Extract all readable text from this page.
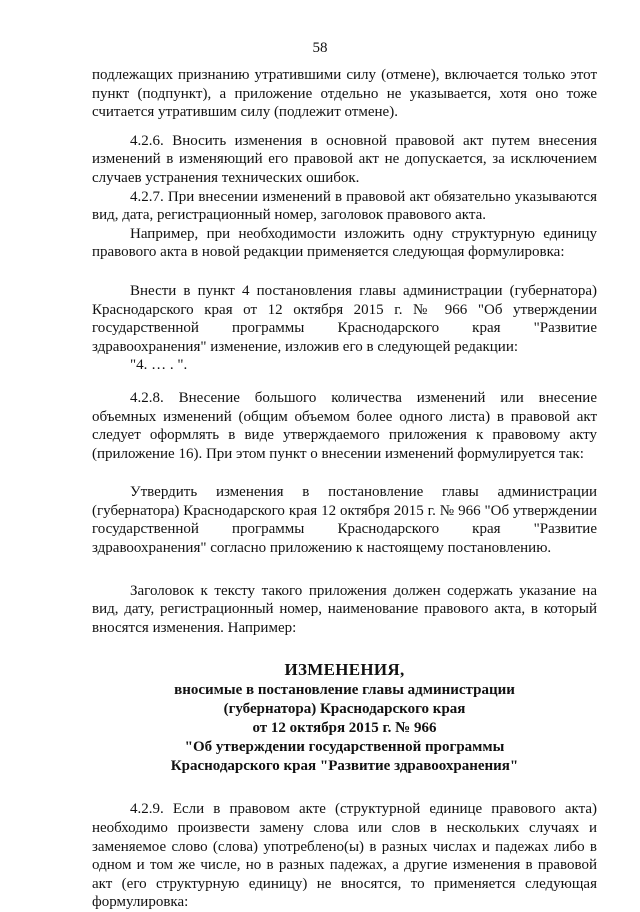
58

подлежащих признанию утратившими силу (отмене), включается только этот пункт (подпункт), а приложение отдельно не указывается, хотя оно тоже считается утратившим силу (подлежит отмене).

4.2.6. Вносить изменения в основной правовой акт путем внесения изменений в изменяющий его правовой акт не допускается, за исключением случаев устранения технических ошибок.

4.2.7. При внесении изменений в правовой акт обязательно указываются вид, дата, регистрационный номер, заголовок правового акта.

Например, при необходимости изложить одну структурную единицу правового акта в новой редакции применяется следующая формулировка:

Внести в пункт 4 постановления главы администрации (губернатора) Краснодарского края от 12 октября 2015 г. № 966 "Об утверждении государственной программы Краснодарского края "Развитие здравоохранения" изменение, изложив его в следующей редакции:

"4. … . ".

4.2.8. Внесение большого количества изменений или внесение объемных изменений (общим объемом более одного листа) в правовой акт следует оформлять в виде утверждаемого приложения к правовому акту (приложение 16). При этом пункт о внесении изменений формулируется так:

Утвердить изменения в постановление главы администрации (губернатора) Краснодарского края 12 октября 2015 г. № 966 "Об утверждении государственной программы Краснодарского края "Развитие здравоохранения" согласно приложению к настоящему постановлению.

Заголовок к тексту такого приложения должен содержать указание на вид, дату, регистрационный номер, наименование правового акта, в который вносятся изменения. Например:

ИЗМЕНЕНИЯ,
вносимые в постановление главы администрации
(губернатора) Краснодарского края
от 12 октября 2015 г. № 966
"Об утверждении государственной программы
Краснодарского края "Развитие здравоохранения"

4.2.9. Если в правовом акте (структурной единице правового акта) необходимо произвести замену слова или слов в нескольких случаях и заменяемое слово (слова) употреблено(ы) в разных числах и падежах либо в одном и том же числе, но в разных падежах, а другие изменения в правовой акт (его структурную единицу) не вносятся, то применяется следующая формулировка:
